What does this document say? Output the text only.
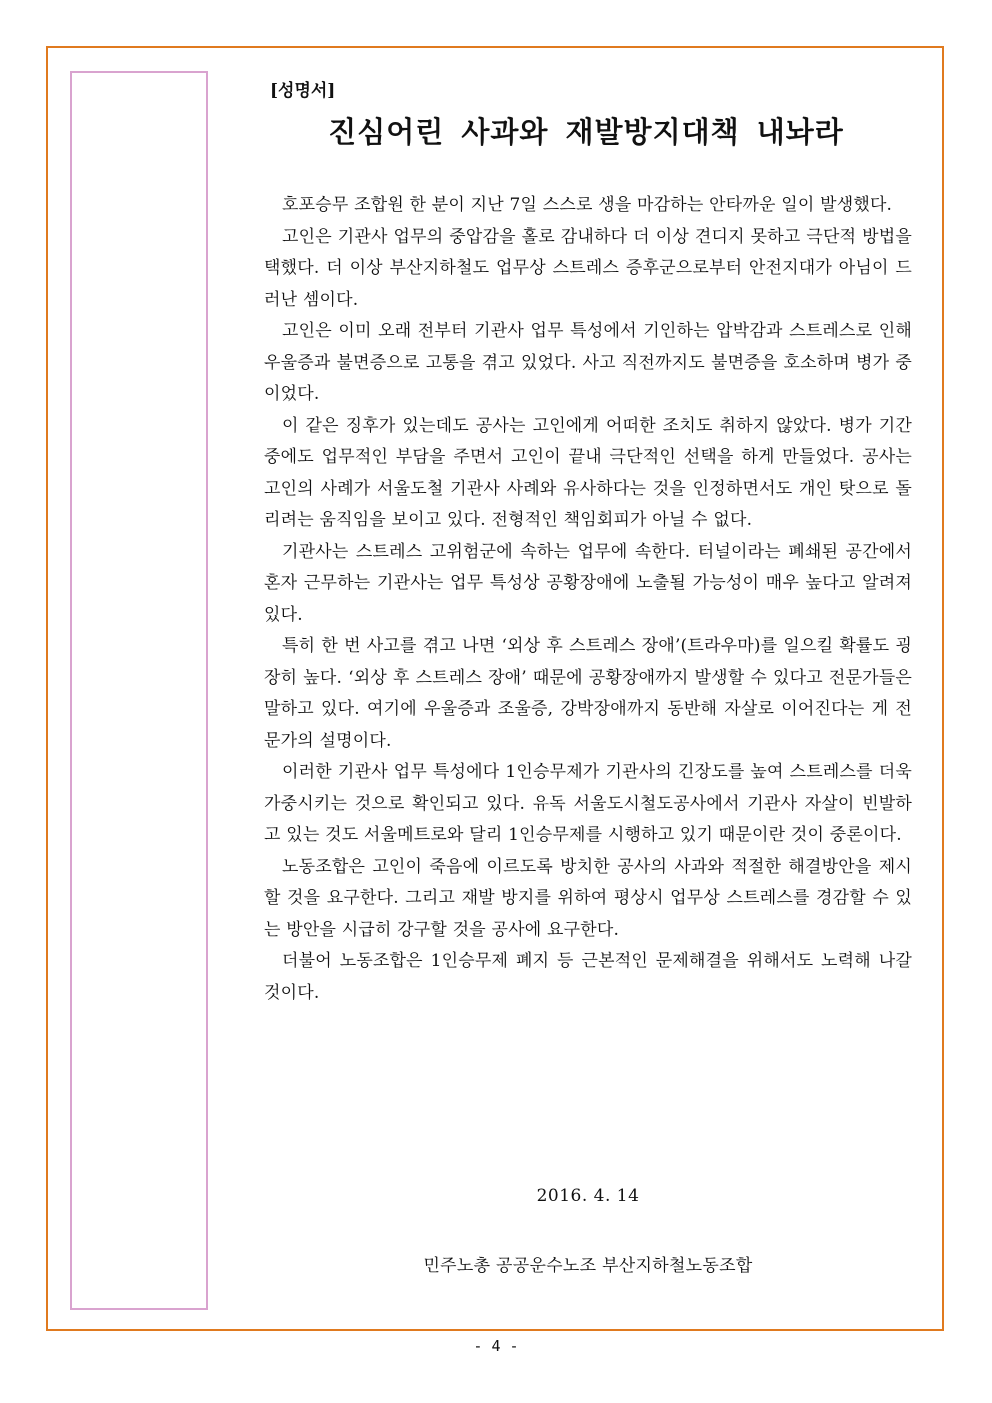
[성명서]
진심어린 사과와 재발방지대책 내놔라

호포승무 조합원 한 분이 지난 7일 스스로 생을 마감하는 안타까운 일이 발생했다.

고인은 기관사 업무의 중압감을 홀로 감내하다 더 이상 견디지 못하고 극단적 방법을 택했다. 더 이상 부산지하철도 업무상 스트레스 증후군으로부터 안전지대가 아님이 드러난 셈이다.

고인은 이미 오래 전부터 기관사 업무 특성에서 기인하는 압박감과 스트레스로 인해 우울증과 불면증으로 고통을 겪고 있었다. 사고 직전까지도 불면증을 호소하며 병가 중이었다.

이 같은 징후가 있는데도 공사는 고인에게 어떠한 조치도 취하지 않았다. 병가 기간 중에도 업무적인 부담을 주면서 고인이 끝내 극단적인 선택을 하게 만들었다. 공사는 고인의 사례가 서울도철 기관사 사례와 유사하다는 것을 인정하면서도 개인 탓으로 돌리려는 움직임을 보이고 있다. 전형적인 책임회피가 아닐 수 없다.

기관사는 스트레스 고위험군에 속하는 업무에 속한다. 터널이라는 폐쇄된 공간에서 혼자 근무하는 기관사는 업무 특성상 공황장애에 노출될 가능성이 매우 높다고 알려져 있다.

특히 한 번 사고를 겪고 나면 ‘외상 후 스트레스 장애’(트라우마)를 일으킬 확률도 굉장히 높다. ‘외상 후 스트레스 장애’ 때문에 공황장애까지 발생할 수 있다고 전문가들은 말하고 있다. 여기에 우울증과 조울증, 강박장애까지 동반해 자살로 이어진다는 게 전문가의 설명이다.

이러한 기관사 업무 특성에다 1인승무제가 기관사의 긴장도를 높여 스트레스를 더욱 가중시키는 것으로 확인되고 있다. 유독 서울도시철도공사에서 기관사 자살이 빈발하고 있는 것도 서울메트로와 달리 1인승무제를 시행하고 있기 때문이란 것이 중론이다.

노동조합은 고인이 죽음에 이르도록 방치한 공사의 사과와 적절한 해결방안을 제시할 것을 요구한다. 그리고 재발 방지를 위하여 평상시 업무상 스트레스를 경감할 수 있는 방안을 시급히 강구할 것을 공사에 요구한다.

더불어 노동조합은 1인승무제 폐지 등 근본적인 문제해결을 위해서도 노력해 나갈 것이다.

2016. 4. 14
민주노총 공공운수노조 부산지하철노동조합
- 4 -
